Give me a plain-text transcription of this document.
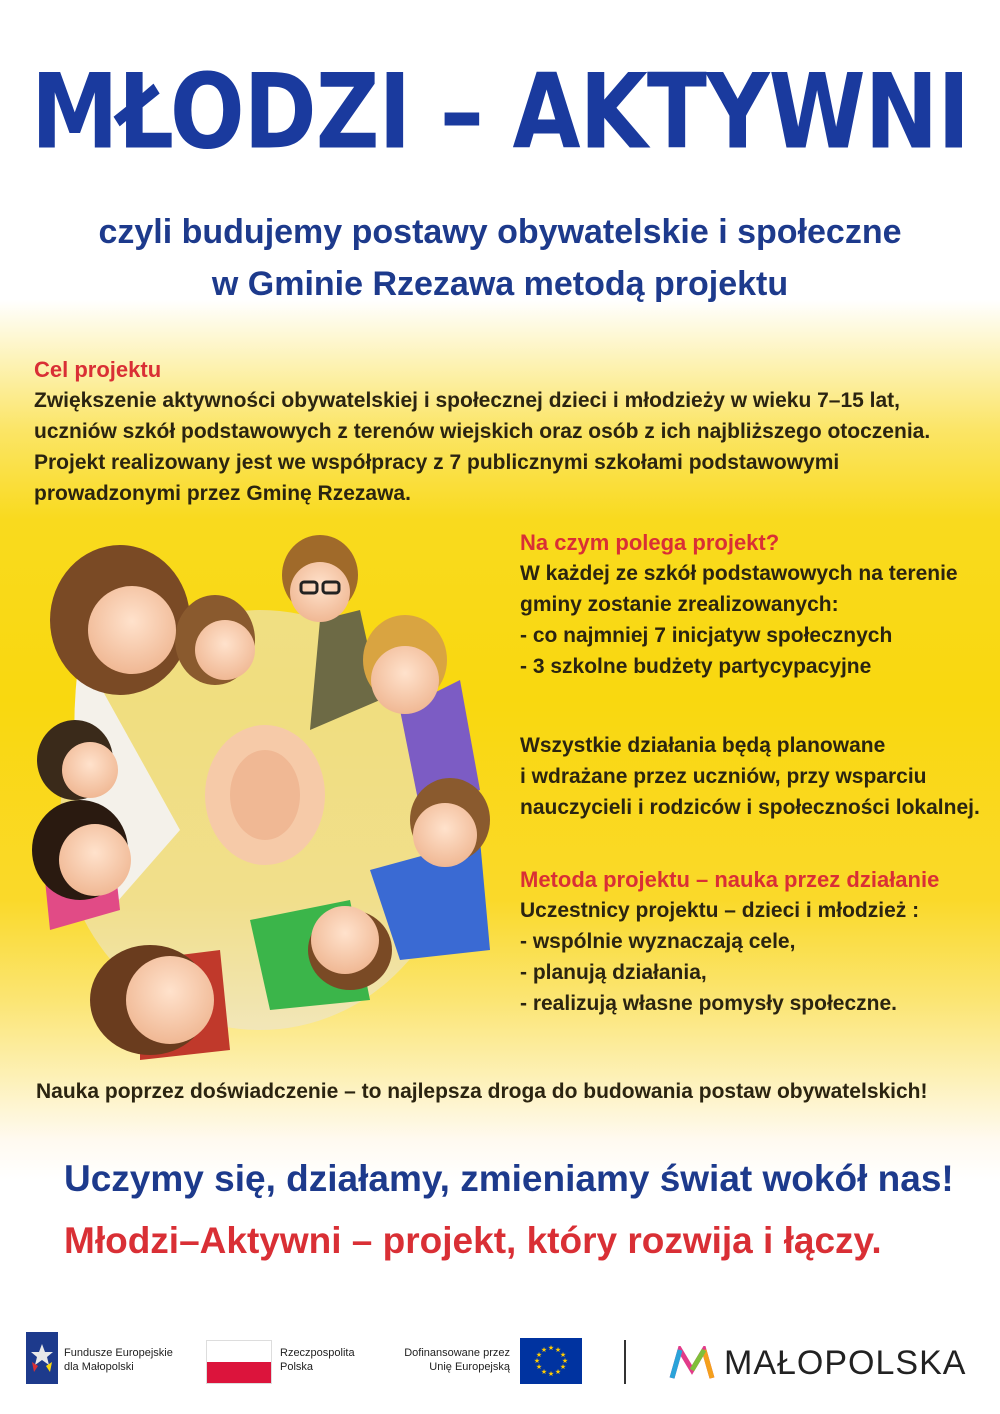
MŁODZI – AKTYWNI
czyli budujemy postawy obywatelskie i społeczne
w Gminie Rzezawa metodą projektu
Cel projektu
Zwiększenie aktywności obywatelskiej i społecznej dzieci i młodzieży w wieku 7–15 lat,
uczniów szkół podstawowych z terenów wiejskich oraz osób z ich najbliższego otoczenia.
Projekt realizowany jest we współpracy z 7 publicznymi szkołami podstawowymi
prowadzonymi przez Gminę Rzezawa.
Na czym polega projekt?
W każdej ze szkół podstawowych na terenie
gminy zostanie zrealizowanych:
- co najmniej 7 inicjatyw społecznych
- 3 szkolne budżety partycypacyjne
Wszystkie działania będą planowane
i wdrażane przez uczniów, przy wsparciu
nauczycieli i rodziców i społeczności lokalnej.
Metoda projektu – nauka przez działanie
Uczestnicy projektu – dzieci i młodzież :
- wspólnie wyznaczają cele,
- planują działania,
- realizują własne pomysły społeczne.
Nauka poprzez doświadczenie – to najlepsza droga do budowania postaw obywatelskich!
Uczymy się, działamy, zmieniamy świat wokół nas!
Młodzi–Aktywni – projekt, który rozwija i łączy.
Fundusze Europejskie
dla Małopolski
Rzeczpospolita
Polska
Dofinansowane przez
Unię Europejską
★ ★
★
★
★
★
★
★
★
★
★
★	MAŁOPOLSKA
